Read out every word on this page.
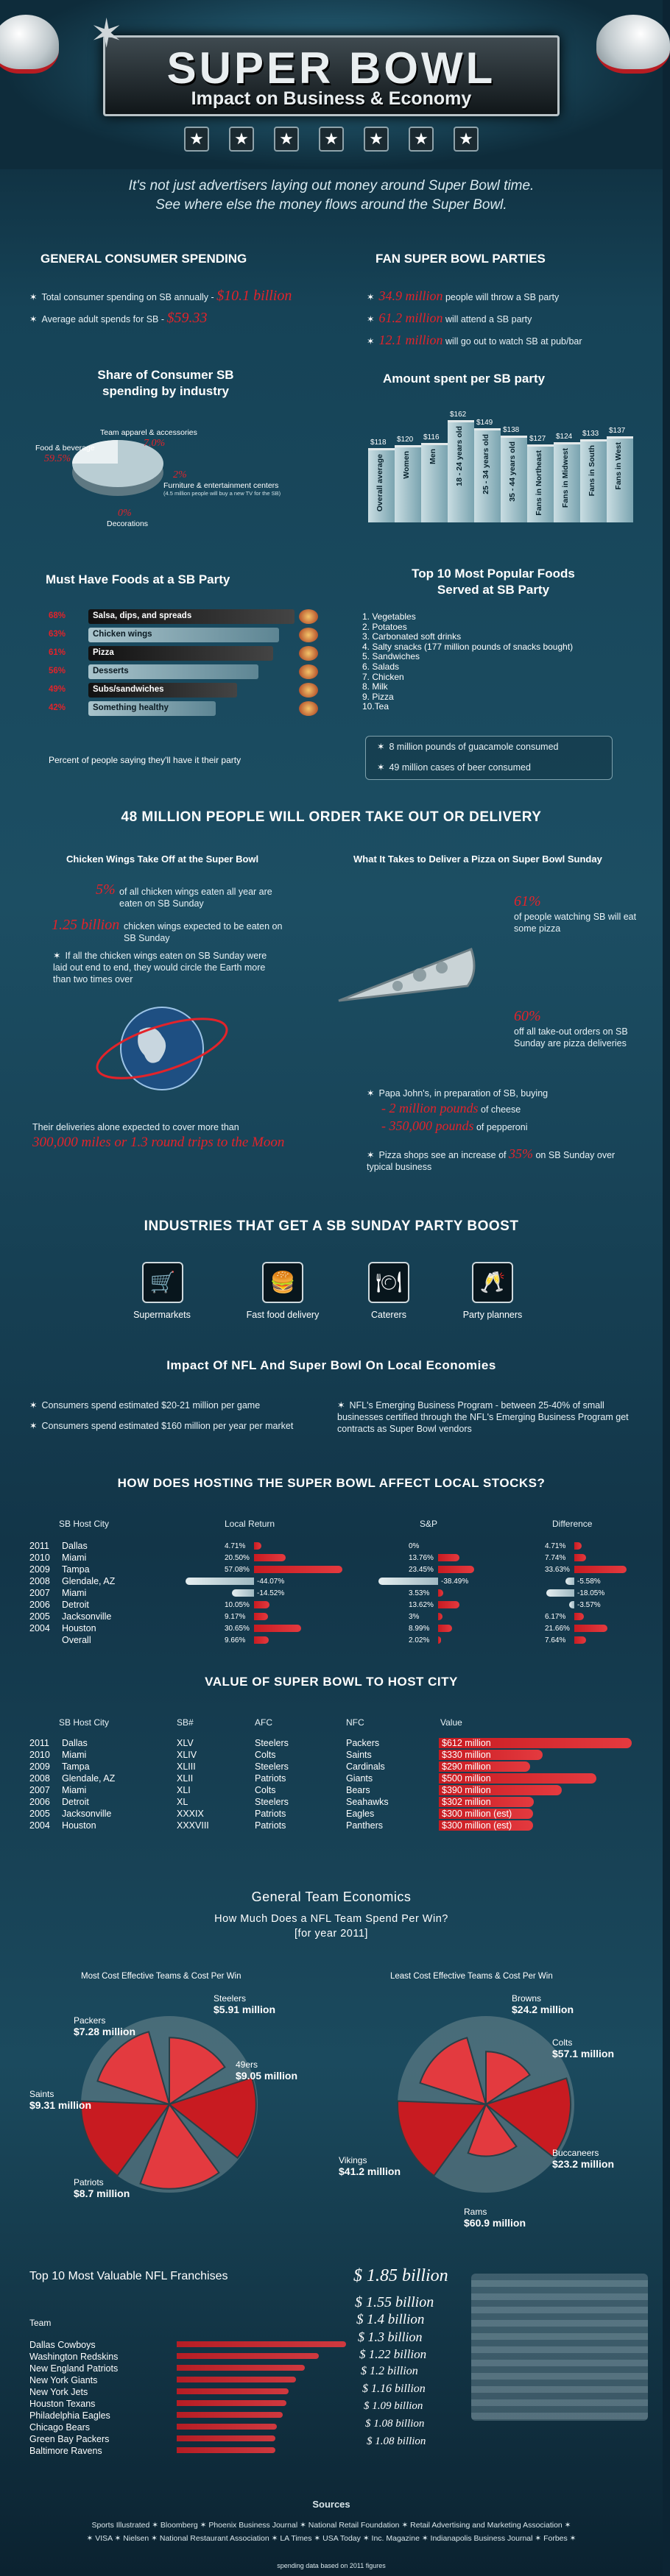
✶
SUPER BOWL
Impact on Business & Economy
★	★	★	★	★	★	★
It's not just advertisers laying out money around Super Bowl time.
See where else the money flows around the Super Bowl.
GENERAL CONSUMER SPENDING
✶ Total consumer spending on SB annually - $10.1 billion
✶ Average adult spends for SB - $59.33
FAN SUPER BOWL PARTIES
✶ 34.9 million people will throw a SB party
✶ 61.2 million will attend a SB party
✶ 12.1 million will go out to watch SB at pub/bar
Share of Consumer SB
spending by industry
Team apparel & accessories
7.0%
Food & beverage
59.5%
2%
Furniture & entertainment centers
(4.5 million people will buy a new TV for the SB)
0%
Decorations
Amount spent per SB party
$118
Overall average
$120
Women
$116
Men
$162
18 - 24 years old
$149
25 - 34 years old
$138
35 - 44 years old
$127
Fans in Northeast
$124
Fans in Midwest
$133
Fans in South
$137
Fans in West
Must Have Foods at a SB Party
68%	Salsa, dips, and spreads
63%	Chicken wings
61%	Pizza
56%	Desserts
49%	Subs/sandwiches
42%	Something healthy
Percent of people saying they'll have it their party
Top 10 Most Popular Foods
Served at SB Party
1. Vegetables
2. Potatoes
3. Carbonated soft drinks
4. Salty snacks (177 million pounds of snacks bought)
5. Sandwiches
6. Salads
7. Chicken
8. Milk
9. Pizza
10.Tea
✶ 8 million pounds of guacamole consumed
✶ 49 million cases of beer consumed
48 MILLION PEOPLE WILL ORDER TAKE OUT OR DELIVERY
Chicken Wings Take Off at the Super Bowl
5% of all chicken wings eaten all year are eaten on SB Sunday
1.25 billion chicken wings expected to be eaten on SB Sunday
✶ If all the chicken wings eaten on SB Sunday were laid out end to end, they would circle the Earth more than two times over
Their deliveries alone expected to cover more than
300,000 miles or 1.3 round trips to the Moon
What It Takes to Deliver a Pizza on Super Bowl Sunday
61%
of people watching SB will eat some pizza
60%
off all take-out orders on SB Sunday are pizza deliveries
✶ Papa John's, in preparation of SB, buying
- 2 million pounds of cheese
- 350,000 pounds of pepperoni
✶ Pizza shops see an increase of 35% on SB Sunday over typical business
INDUSTRIES THAT GET A SB SUNDAY PARTY BOOST
🛒	🍔	🍽	🥂
Supermarkets	Fast food delivery	Caterers	Party planners
Impact Of NFL And Super Bowl On Local Economies
✶ Consumers spend estimated $20-21 million per game
✶ Consumers spend estimated $160 million per year per market
✶ NFL's Emerging Business Program - between 25-40% of small businesses certified through the NFL's Emerging Business Program get contracts as Super Bowl vendors
HOW DOES HOSTING THE SUPER BOWL AFFECT LOCAL STOCKS?
SB Host City	Local Return	S&P	Difference
2011 Dallas	4.71%	0%	4.71%
2010 Miami	20.50%	13.76%	7.74%
2009 Tampa	57.08%	23.45%	33.63%
2008 Glendale, AZ	-44.07%	-38.49%	-5.58%
2007 Miami	-14.52%	3.53%	-18.05%
2006 Detroit	10.05%	13.62%	-3.57%
2005 Jacksonville	9.17%	3%	6.17%
2004 Houston	30.65%	8.99%	21.66%
Overall	9.66%	2.02%	7.64%
VALUE OF SUPER BOWL TO HOST CITY
SB Host City	SB#	AFC	NFC	Value
2011 Dallas	XLV	Steelers	Packers	$612 million
2010 Miami	XLIV	Colts	Saints	$330 million
2009 Tampa	XLIII	Steelers	Cardinals	$290 million
2008 Glendale, AZ	XLII	Patriots	Giants	$500 million
2007 Miami	XLI	Colts	Bears	$390 million
2006 Detroit	XL	Steelers	Seahawks	$302 million
2005 Jacksonville	XXXIX	Patriots	Eagles	$300 million (est)
2004 Houston	XXXVIII	Patriots	Panthers	$300 million (est)
General Team Economics
How Much Does a NFL Team Spend Per Win?
[for year 2011]
Most Cost Effective Teams & Cost Per Win	Least Cost Effective Teams & Cost Per Win
Steelers
$5.91 million
49ers
$9.05 million
Patriots
$8.7 million
Saints
$9.31 million
Packers
$7.28 million
Browns
$24.2 million
Colts
$57.1 million
Buccaneers
$23.2 million
Rams
$60.9 million
Vikings
$41.2 million
Top 10 Most Valuable NFL Franchises
Team
Dallas Cowboys
$ 1.85 billion
Washington Redskins
$ 1.55 billion
New England Patriots
$ 1.4 billion
New York Giants
$ 1.3 billion
New York Jets
$ 1.22 billion
Houston Texans
$ 1.2 billion
Philadelphia Eagles
$ 1.16 billion
Chicago Bears
$ 1.09 billion
Green Bay Packers
$ 1.08 billion
Baltimore Ravens
$ 1.08 billion
Sources
Sports Illustrated ✶ Bloomberg ✶ Phoenix Business Journal ✶ National Retail Foundation ✶ Retail Advertising and Marketing Association ✶
✶ VISA ✶ Nielsen ✶ National Restaurant Association ✶ LA Times ✶ USA Today ✶ Inc. Magazine ✶ Indianapolis Business Journal ✶ Forbes ✶
spending data based on 2011 figures
